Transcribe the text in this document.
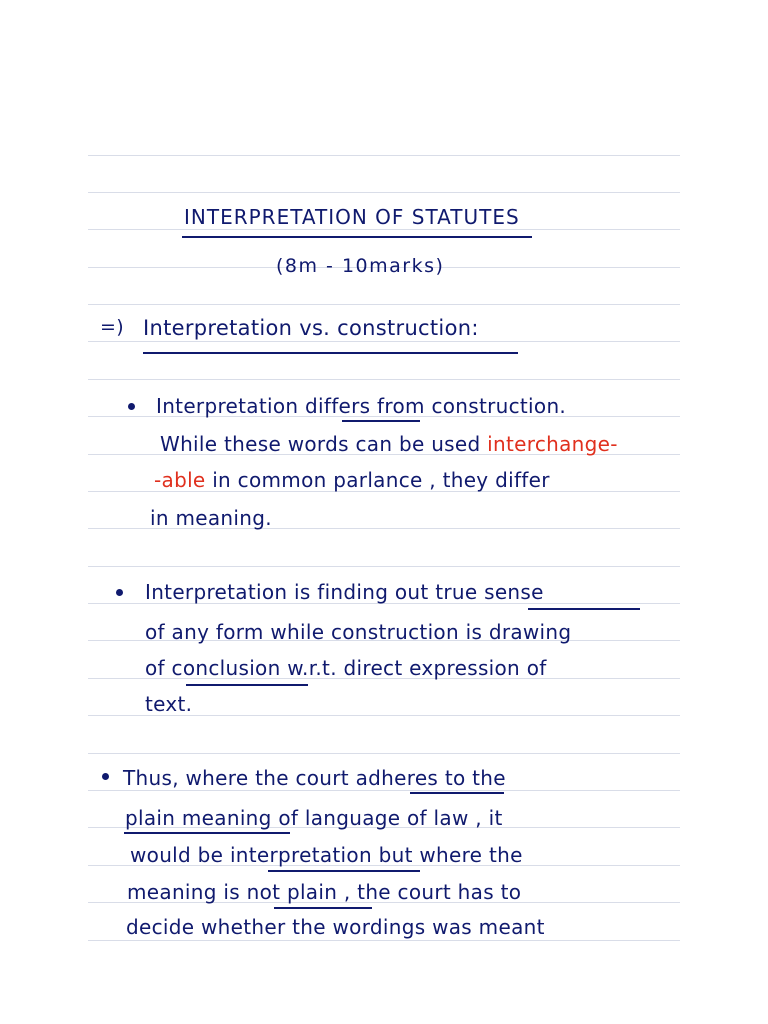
INTERPRETATION OF STATUTES
(8m - 10marks)
=) Interpretation vs. construction:
Interpretation differs from construction.
While these words can be used interchange-
-able in common parlance , they differ
in meaning.
Interpretation is finding out true sense
of any form while construction is drawing
of conclusion w.r.t. direct expression of
text.
Thus, where the court adheres to the
plain meaning of language of law , it
would be interpretation but where the
meaning is not plain , the court has to
decide whether the wordings was meant
